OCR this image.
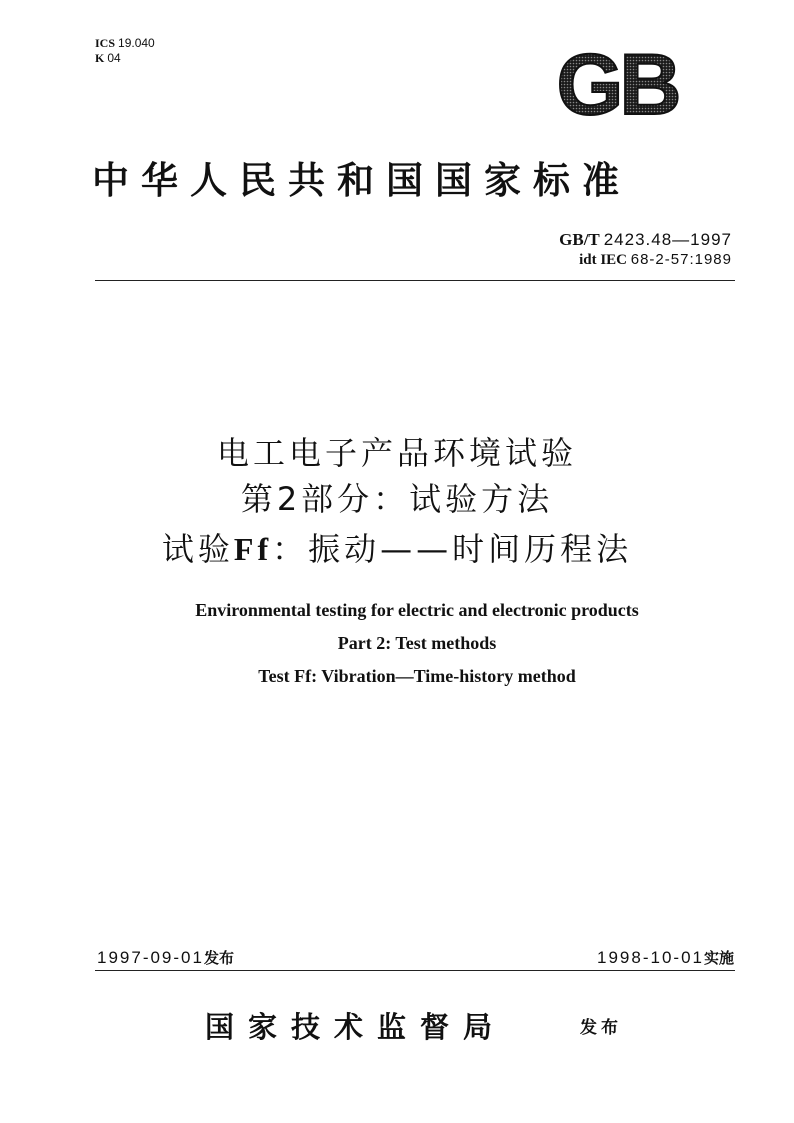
ICS 19.040
K 04	GB
中华人民共和国国家标准
GB/T 2423.48—1997
idt IEC 68-2-57:1989
电工电子产品环境试验
第2部分：试验方法
试验Ff：振动——时间历程法
Environmental testing for electric and electronic products
Part 2: Test methods
Test Ff: Vibration—Time-history method
1997-09-01发布	1998-10-01实施
国家技术监督局	发布
